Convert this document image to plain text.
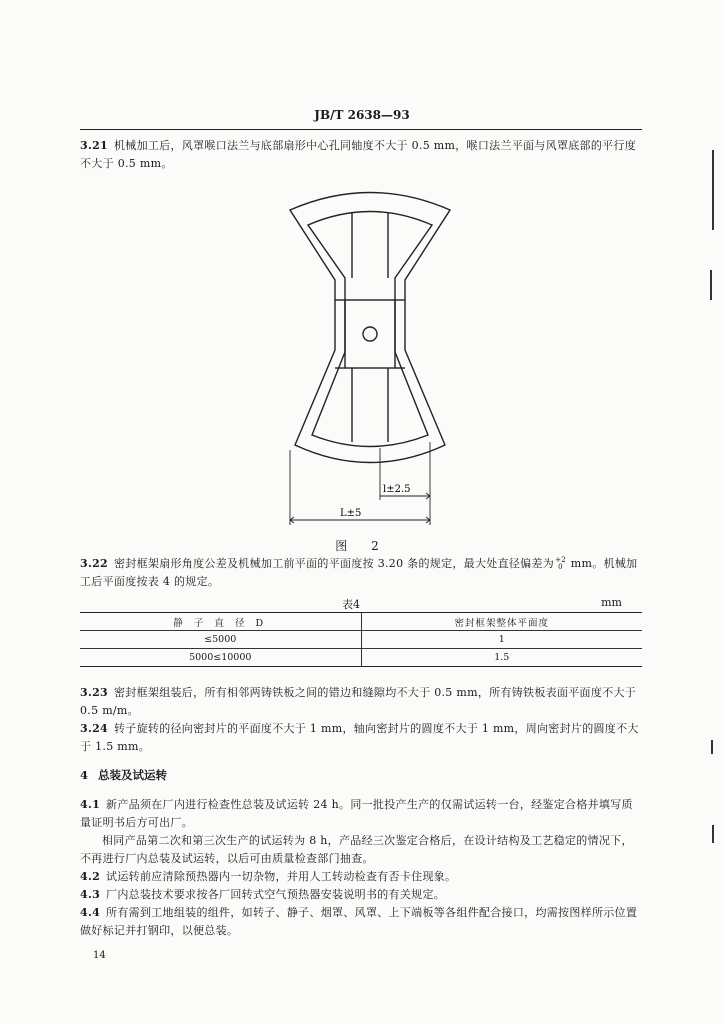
JB/T 2638—93
3.21 机械加工后，风罩喉口法兰与底部扇形中心孔同轴度不大于 0.5 mm，喉口法兰平面与风罩底部的平行度不大于 0.5 mm。
l±2.5
L±5
图 2
3.22 密封框架扇形角度公差及机械加工前平面的平面度按 3.20 条的规定，最大处直径偏差为 +2
0 mm。机械加工后平面度按表 4 的规定。
表4	mm
静 子 直 径 D	密封框架整体平面度
≤5000	1
5000≤10000	1.5
3.23 密封框架组装后，所有相邻两铸铁板之间的错边和缝隙均不大于 0.5 mm，所有铸铁板表面平面度不大于 0.5 m/m。
3.24 转子旋转的径向密封片的平面度不大于 1 mm，轴向密封片的圆度不大于 1 mm，周向密封片的圆度不大于 1.5 mm。
4 总装及试运转
4.1 新产品须在厂内进行检查性总装及试运转 24 h。同一批投产生产的仅需试运转一台，经鉴定合格并填写质量证明书后方可出厂。
相同产品第二次和第三次生产的试运转为 8 h，产品经三次鉴定合格后，在设计结构及工艺稳定的情况下，不再进行厂内总装及试运转，以后可由质量检查部门抽查。
4.2 试运转前应清除预热器内一切杂物，并用人工转动检查有否卡住现象。
4.3 厂内总装技术要求按各厂回转式空气预热器安装说明书的有关规定。
4.4 所有需到工地组装的组件，如转子、静子、烟罩、风罩、上下端板等各组件配合接口，均需按图样所示位置做好标记并打钢印，以便总装。
14
